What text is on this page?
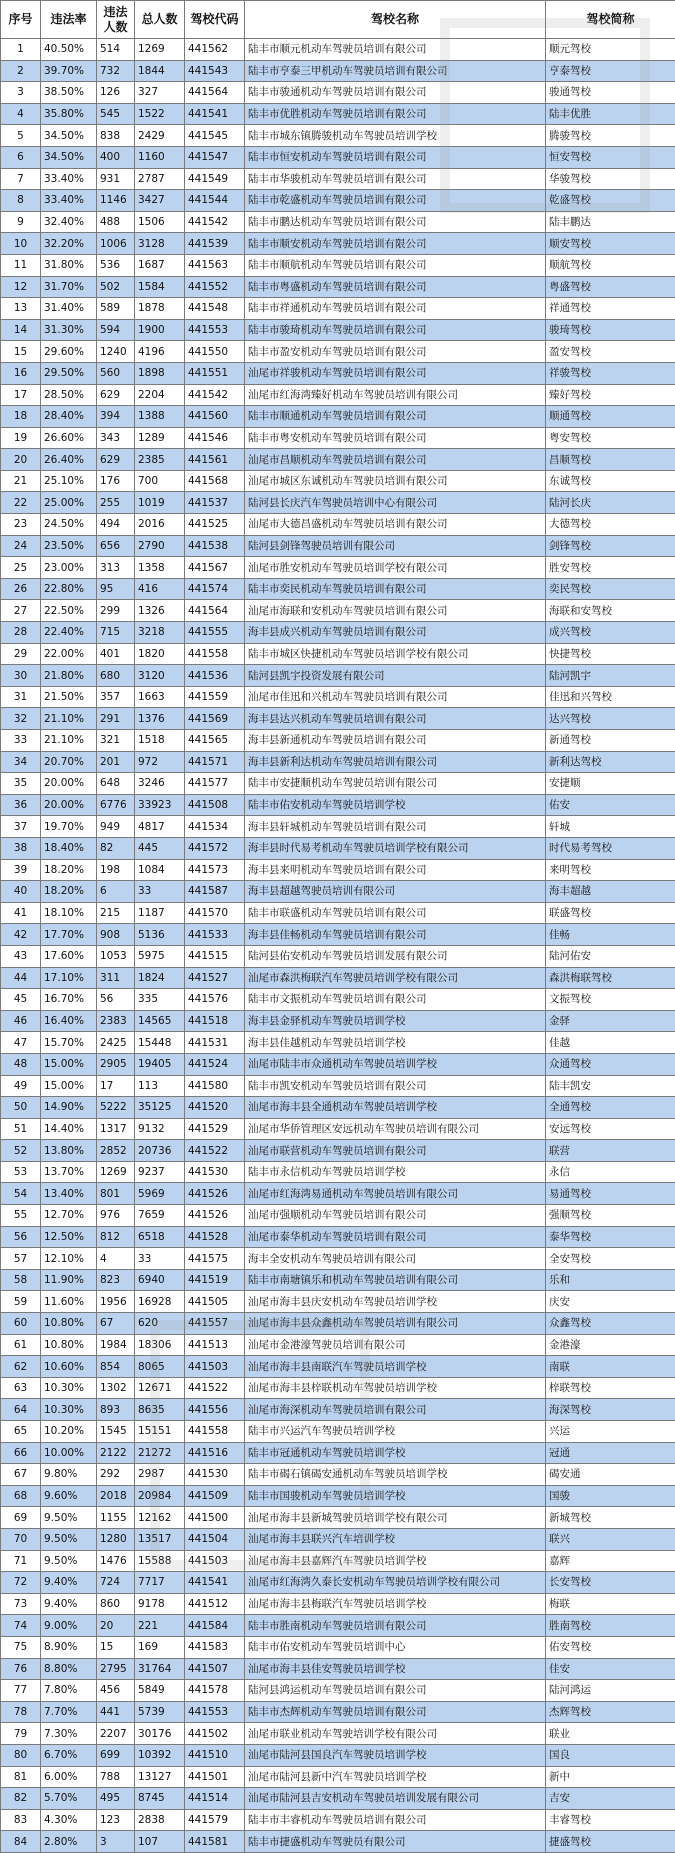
序号	违法率	违法人数	总人数	驾校代码	驾校名称	驾校简称
1	40.50%	514	1269	441562	陆丰市顺元机动车驾驶员培训有限公司	顺元驾校
2	39.70%	732	1844	441543	陆丰市亨泰三甲机动车驾驶员培训有限公司	亨泰驾校
3	38.50%	126	327	441564	陆丰市骏通机动车驾驶员培训有限公司	骏通驾校
4	35.80%	545	1522	441541	陆丰市优胜机动车驾驶员培训有限公司	陆丰优胜
5	34.50%	838	2429	441545	陆丰市城东镇腾骏机动车驾驶员培训学校	腾骏驾校
6	34.50%	400	1160	441547	陆丰市恒安机动车驾驶员培训有限公司	恒安驾校
7	33.40%	931	2787	441549	陆丰市华骏机动车驾驶员培训有限公司	华骏驾校
8	33.40%	1146	3427	441544	陆丰市乾盛机动车驾驶员培训有限公司	乾盛驾校
9	32.40%	488	1506	441542	陆丰市鹏达机动车驾驶员培训有限公司	陆丰鹏达
10	32.20%	1006	3128	441539	陆丰市顺安机动车驾驶员培训有限公司	顺安驾校
11	31.80%	536	1687	441563	陆丰市顺航机动车驾驶员培训有限公司	顺航驾校
12	31.70%	502	1584	441552	陆丰市粤盛机动车驾驶员培训有限公司	粤盛驾校
13	31.40%	589	1878	441548	陆丰市祥通机动车驾驶员培训有限公司	祥通驾校
14	31.30%	594	1900	441553	陆丰市骏琦机动车驾驶员培训有限公司	骏琦驾校
15	29.60%	1240	4196	441550	陆丰市盈安机动车驾驶员培训有限公司	盈安驾校
16	29.50%	560	1898	441551	汕尾市祥骏机动车驾驶员培训有限公司	祥骏驾校
17	28.50%	629	2204	441542	汕尾市红海湾臻好机动车驾驶员培训有限公司	臻好驾校
18	28.40%	394	1388	441560	陆丰市顺通机动车驾驶员培训有限公司	顺通驾校
19	26.60%	343	1289	441546	陆丰市粤安机动车驾驶员培训有限公司	粤安驾校
20	26.40%	629	2385	441561	汕尾市昌顺机动车驾驶员培训有限公司	昌顺驾校
21	25.10%	176	700	441568	汕尾市城区东诚机动车驾驶员培训有限公司	东诚驾校
22	25.00%	255	1019	441537	陆河县长庆汽车驾驶员培训中心有限公司	陆河长庆
23	24.50%	494	2016	441525	汕尾市大德昌盛机动车驾驶员培训有限公司	大德驾校
24	23.50%	656	2790	441538	陆河县剑锋驾驶员培训有限公司	剑锋驾校
25	23.00%	313	1358	441567	汕尾市胜安机动车驾驶员培训学校有限公司	胜安驾校
26	22.80%	95	416	441574	陆丰市奕民机动车驾驶员培训有限公司	奕民驾校
27	22.50%	299	1326	441564	汕尾市海联和安机动车驾驶员培训有限公司	海联和安驾校
28	22.40%	715	3218	441555	海丰县成兴机动车驾驶员培训有限公司	成兴驾校
29	22.00%	401	1820	441558	陆丰市城区快捷机动车驾驶员培训学校有限公司	快捷驾校
30	21.80%	680	3120	441536	陆河县凯宇投资发展有限公司	陆河凯宇
31	21.50%	357	1663	441559	汕尾市佳迅和兴机动车驾驶员培训有限公司	佳迅和兴驾校
32	21.10%	291	1376	441569	海丰县达兴机动车驾驶员培训有限公司	达兴驾校
33	21.10%	321	1518	441565	海丰县新通机动车驾驶员培训有限公司	新通驾校
34	20.70%	201	972	441571	海丰县新利达机动车驾驶员培训有限公司	新利达驾校
35	20.00%	648	3246	441577	陆丰市安捷顺机动车驾驶员培训有限公司	安捷顺
36	20.00%	6776	33923	441508	陆丰市佑安机动车驾驶员培训学校	佑安
37	19.70%	949	4817	441534	海丰县轩城机动车驾驶员培训有限公司	轩城
38	18.40%	82	445	441572	海丰县时代易考机动车驾驶员培训学校有限公司	时代易考驾校
39	18.20%	198	1084	441573	海丰县来明机动车驾驶员培训有限公司	来明驾校
40	18.20%	6	33	441587	海丰县超越驾驶员培训有限公司	海丰超越
41	18.10%	215	1187	441570	陆丰市联盛机动车驾驶员培训有限公司	联盛驾校
42	17.70%	908	5136	441533	海丰县佳畅机动车驾驶员培训有限公司	佳畅
43	17.60%	1053	5975	441515	陆河县佑安机动车驾驶员培训发展有限公司	陆河佑安
44	17.10%	311	1824	441527	汕尾市森洪梅联汽车驾驶员培训学校有限公司	森洪梅联驾校
45	16.70%	56	335	441576	陆丰市文振机动车驾驶员培训有限公司	文振驾校
46	16.40%	2383	14565	441518	海丰县金驿机动车驾驶员培训学校	金驿
47	15.70%	2425	15448	441531	海丰县佳越机动车驾驶员培训学校	佳越
48	15.00%	2905	19405	441524	汕尾市陆丰市众通机动车驾驶员培训学校	众通驾校
49	15.00%	17	113	441580	陆丰市凯安机动车驾驶员培训有限公司	陆丰凯安
50	14.90%	5222	35125	441520	汕尾市海丰县全通机动车驾驶员培训学校	全通驾校
51	14.40%	1317	9132	441529	汕尾市华侨管理区安远机动车驾驶员培训有限公司	安远驾校
52	13.80%	2852	20736	441522	汕尾市联营机动车驾驶员培训有限公司	联营
53	13.70%	1269	9237	441530	陆丰市永信机动车驾驶员培训学校	永信
54	13.40%	801	5969	441526	汕尾市红海湾易通机动车驾驶员培训有限公司	易通驾校
55	12.70%	976	7659	441526	汕尾市强顺机动车驾驶员培训有限公司	强顺驾校
56	12.50%	812	6518	441528	汕尾市泰华机动车驾驶员培训有限公司	泰华驾校
57	12.10%	4	33	441575	海丰全安机动车驾驶员培训有限公司	全安驾校
58	11.90%	823	6940	441519	陆丰市南塘镇乐和机动车驾驶员培训有限公司	乐和
59	11.60%	1956	16928	441505	汕尾市海丰县庆安机动车驾驶员培训学校	庆安
60	10.80%	67	620	441557	汕尾市海丰县众鑫机动车驾驶员培训有限公司	众鑫驾校
61	10.80%	1984	18306	441513	汕尾市金港濠驾驶员培训有限公司	金港濠
62	10.60%	854	8065	441503	汕尾市海丰县南联汽车驾驶员培训学校	南联
63	10.30%	1302	12671	441522	汕尾市海丰县梓联机动车驾驶员培训学校	梓联驾校
64	10.30%	893	8635	441556	汕尾市海深机动车驾驶员培训有限公司	海深驾校
65	10.20%	1545	15151	441558	陆丰市兴运汽车驾驶员培训学校	兴运
66	10.00%	2122	21272	441516	陆丰市冠通机动车驾驶员培训学校	冠通
67	9.80%	292	2987	441530	陆丰市碣石镇碣安通机动车驾驶员培训学校	碣安通
68	9.60%	2018	20984	441509	陆丰市国骏机动车驾驶员培训学校	国骏
69	9.50%	1155	12162	441500	汕尾市海丰县新城驾驶员培训学校有限公司	新城驾校
70	9.50%	1280	13517	441504	汕尾市海丰县联兴汽车培训学校	联兴
71	9.50%	1476	15588	441503	汕尾市海丰县嘉辉汽车驾驶员培训学校	嘉辉
72	9.40%	724	7717	441541	汕尾市红海湾久泰长安机动车驾驶员培训学校有限公司	长安驾校
73	9.40%	860	9178	441512	汕尾市海丰县梅联汽车驾驶员培训学校	梅联
74	9.00%	20	221	441584	陆丰市胜南机动车驾驶员培训有限公司	胜南驾校
75	8.90%	15	169	441583	陆丰市佑安机动车驾驶员培训中心	佑安驾校
76	8.80%	2795	31764	441507	汕尾市海丰县佳安驾驶员培训学校	佳安
77	7.80%	456	5849	441578	陆河县鸿运机动车驾驶员培训有限公司	陆河鸿运
78	7.70%	441	5739	441553	陆丰市杰辉机动车驾驶员培训有限公司	杰辉驾校
79	7.30%	2207	30176	441502	汕尾市联业机动车驾驶培训学校有限公司	联业
80	6.70%	699	10392	441510	汕尾市陆河县国良汽车驾驶员培训学校	国良
81	6.00%	788	13127	441501	汕尾市陆河县新中汽车驾驶员培训学校	新中
82	5.70%	495	8745	441514	汕尾市陆河县吉安机动车驾驶员培训发展有限公司	吉安
83	4.30%	123	2838	441579	陆丰市丰睿机动车驾驶员培训有限公司	丰睿驾校
84	2.80%	3	107	441581	陆丰市捷盛机动车驾驶员有限公司	捷盛驾校
